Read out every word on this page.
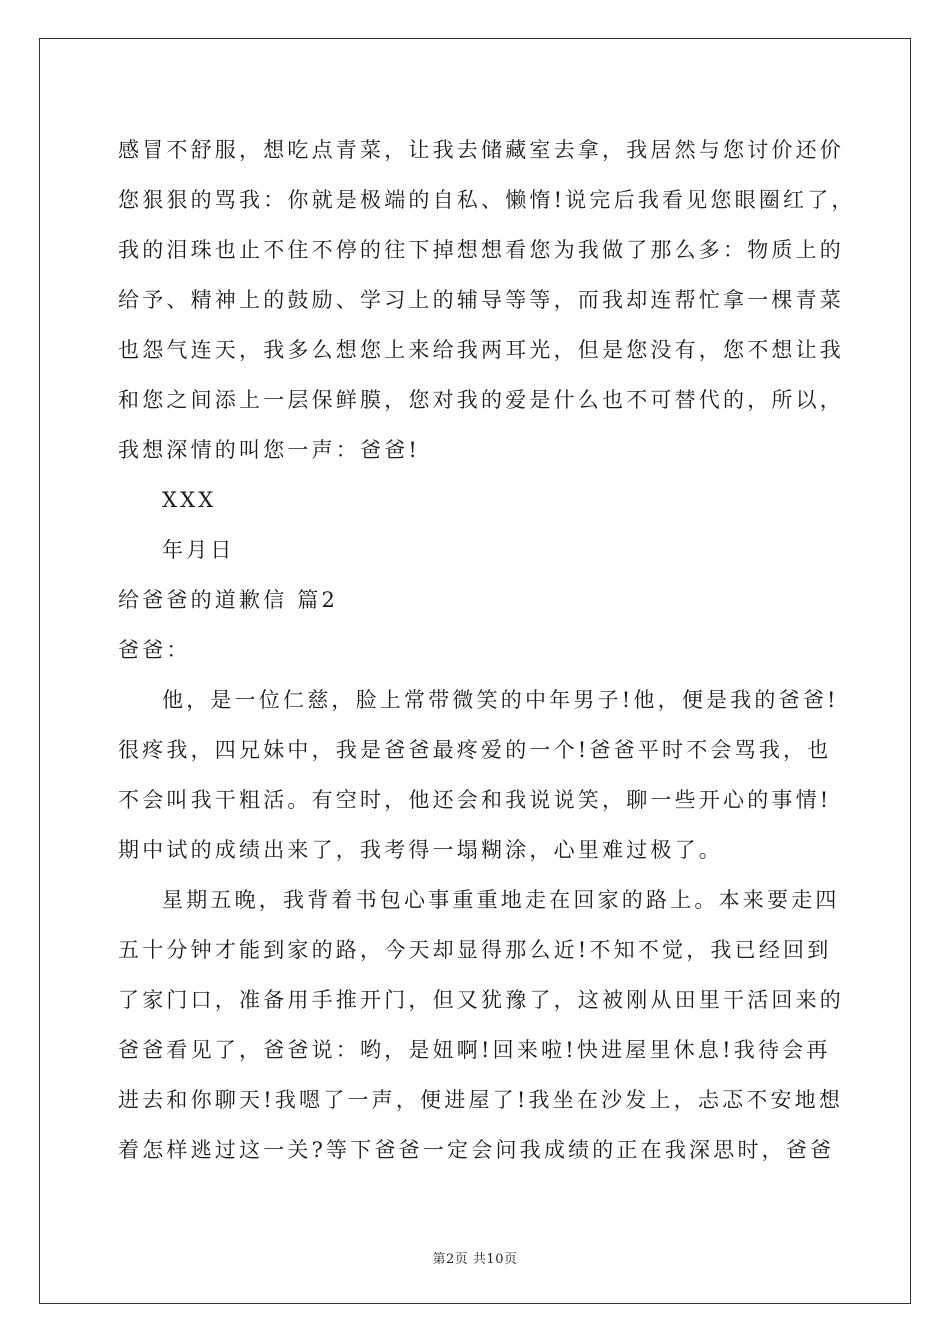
感冒不舒服，想吃点青菜，让我去储藏室去拿，我居然与您讨价还价
您狠狠的骂我：你就是极端的自私、懒惰!说完后我看见您眼圈红了，
我的泪珠也止不住不停的往下掉想想看您为我做了那么多：物质上的
给予、精神上的鼓励、学习上的辅导等等，而我却连帮忙拿一棵青菜
也怨气连天，我多么想您上来给我两耳光，但是您没有，您不想让我
和您之间添上一层保鲜膜，您对我的爱是什么也不可替代的，所以，
我想深情的叫您一声：爸爸!
XXX
年月日
给爸爸的道歉信 篇2
爸爸：
他，是一位仁慈，脸上常带微笑的中年男子!他，便是我的爸爸!
很疼我，四兄妹中，我是爸爸最疼爱的一个!爸爸平时不会骂我，也
不会叫我干粗活。有空时，他还会和我说说笑，聊一些开心的事情!
期中试的成绩出来了，我考得一塌糊涂，心里难过极了。
星期五晚，我背着书包心事重重地走在回家的路上。本来要走四
五十分钟才能到家的路，今天却显得那么近!不知不觉，我已经回到
了家门口，准备用手推开门，但又犹豫了，这被刚从田里干活回来的
爸爸看见了，爸爸说：哟，是妞啊!回来啦!快进屋里休息!我待会再
进去和你聊天!我嗯了一声，便进屋了!我坐在沙发上，忐忑不安地想
着怎样逃过这一关?等下爸爸一定会问我成绩的正在我深思时，爸爸
第2页 共10页
